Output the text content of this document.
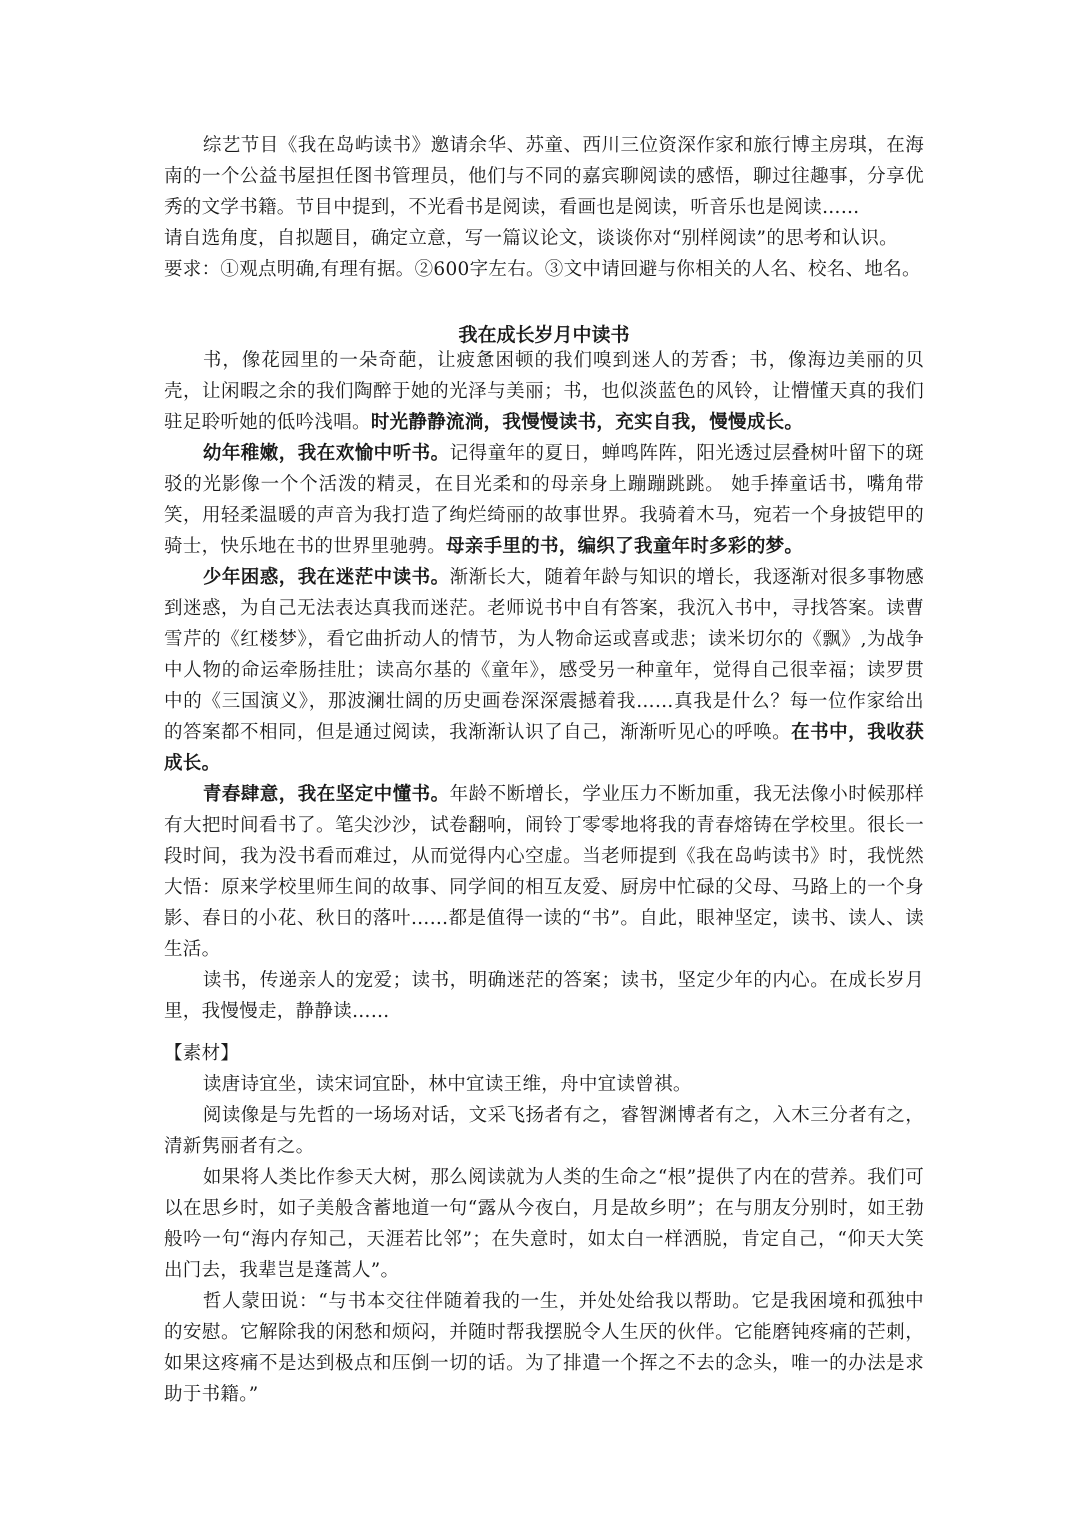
综艺节目《我在岛屿读书》邀请余华、苏童、西川三位资深作家和旅行博主房琪，在海南的一个公益书屋担任图书管理员，他们与不同的嘉宾聊阅读的感悟，聊过往趣事，分享优秀的文学书籍。节目中提到，不光看书是阅读，看画也是阅读，听音乐也是阅读……

请自选角度，自拟题目，确定立意，写一篇议论文，谈谈你对“别样阅读”的思考和认识。

要求：①观点明确,有理有据。②600字左右。③文中请回避与你相关的人名、校名、地名。

我在成长岁月中读书

书，像花园里的一朵奇葩，让疲惫困顿的我们嗅到迷人的芳香；书，像海边美丽的贝壳，让闲暇之余的我们陶醉于她的光泽与美丽；书，也似淡蓝色的风铃，让懵懂天真的我们驻足聆听她的低吟浅唱。时光静静流淌，我慢慢读书，充实自我，慢慢成长。

幼年稚嫩，我在欢愉中听书。记得童年的夏日，蝉鸣阵阵，阳光透过层叠树叶留下的斑驳的光影像一个个活泼的精灵，在目光柔和的母亲身上蹦蹦跳跳。 她手捧童话书，嘴角带笑，用轻柔温暖的声音为我打造了绚烂绮丽的故事世界。我骑着木马，宛若一个身披铠甲的骑士，快乐地在书的世界里驰骋。母亲手里的书，编织了我童年时多彩的梦。

少年困惑，我在迷茫中读书。渐渐长大，随着年龄与知识的增长，我逐渐对很多事物感到迷惑，为自己无法表达真我而迷茫。老师说书中自有答案，我沉入书中，寻找答案。读曹雪芹的《红楼梦》，看它曲折动人的情节，为人物命运或喜或悲；读米切尔的《飘》,为战争中人物的命运牵肠挂肚；读高尔基的《童年》，感受另一种童年，觉得自己很幸福；读罗贯中的《三国演义》，那波澜壮阔的历史画卷深深震撼着我……真我是什么？每一位作家给出的答案都不相同，但是通过阅读，我渐渐认识了自己，渐渐听见心的呼唤。在书中，我收获成长。

青春肆意，我在坚定中懂书。年龄不断增长，学业压力不断加重，我无法像小时候那样有大把时间看书了。笔尖沙沙，试卷翻响，闹铃丁零零地将我的青春熔铸在学校里。很长一段时间，我为没书看而难过，从而觉得内心空虚。当老师提到《我在岛屿读书》时，我恍然大悟：原来学校里师生间的故事、同学间的相互友爱、厨房中忙碌的父母、马路上的一个身影、春日的小花、秋日的落叶……都是值得一读的“书”。自此，眼神坚定，读书、读人、读生活。

读书，传递亲人的宠爱；读书，明确迷茫的答案；读书，坚定少年的内心。在成长岁月里，我慢慢走，静静读……

【素材】

读唐诗宜坐，读宋词宜卧，林中宜读王维，舟中宜读曾祺。

阅读像是与先哲的一场场对话，文采飞扬者有之，睿智渊博者有之，入木三分者有之，清新隽丽者有之。

如果将人类比作参天大树，那么阅读就为人类的生命之“根”提供了内在的营养。我们可以在思乡时，如子美般含蓄地道一句“露从今夜白，月是故乡明”；在与朋友分别时，如王勃般吟一句“海内存知己，天涯若比邻”；在失意时，如太白一样洒脱，肯定自己，“仰天大笑出门去，我辈岂是蓬蒿人”。

哲人蒙田说：“与书本交往伴随着我的一生，并处处给我以帮助。它是我困境和孤独中的安慰。它解除我的闲愁和烦闷，并随时帮我摆脱令人生厌的伙伴。它能磨钝疼痛的芒刺，如果这疼痛不是达到极点和压倒一切的话。为了排遣一个挥之不去的念头，唯一的办法是求助于书籍。”
